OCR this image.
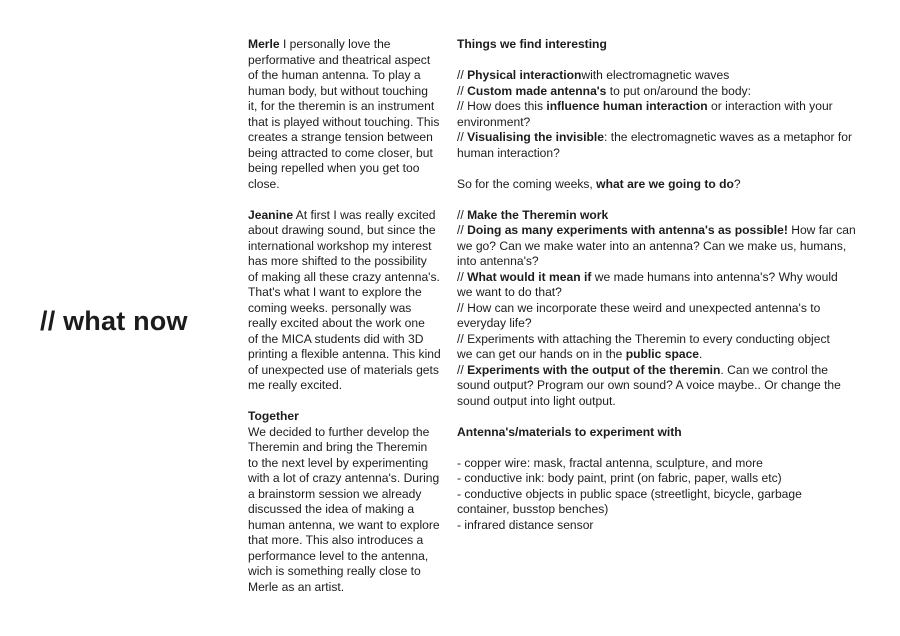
// what now
Merle I personally love the
performative and theatrical aspect
of the human antenna. To play a
human body, but without touching
it, for the theremin is an instrument
that is played without touching. This
creates a strange tension between
being attracted to come closer, but
being repelled when you get too
close.
Jeanine At first I was really excited
about drawing sound, but since the
international workshop my interest
has more shifted to the possibility
of making all these crazy antenna's.
That's what I want to explore the
coming weeks. personally was
really excited about the work one
of the MICA students did with 3D
printing a flexible antenna. This kind
of unexpected use of materials gets
me really excited.
Together
We decided to further develop the
Theremin and bring the Theremin
to the next level by experimenting
with a lot of crazy antenna's. During
a brainstorm session we already
discussed the idea of making a
human antenna, we want to explore
that more. This also introduces a
performance level to the antenna,
wich is something really close to
Merle as an artist.
Things we find interesting
// Physical interactionwith electromagnetic waves
// Custom made antenna's to put on/around the body:
// How does this influence human interaction or interaction with your
environment?
// Visualising the invisible: the electromagnetic waves as a metaphor for
human interaction?
So for the coming weeks, what are we going to do?
// Make the Theremin work
// Doing as many experiments with antenna's as possible! How far can
we go? Can we make water into an antenna? Can we make us, humans,
into antenna's?
// What would it mean if we made humans into antenna's? Why would
we want to do that?
// How can we incorporate these weird and unexpected antenna's to
everyday life?
// Experiments with attaching the Theremin to every conducting object
we can get our hands on in the public space.
// Experiments with the output of the theremin. Can we control the
sound output? Program our own sound? A voice maybe.. Or change the
sound output into light output.
Antenna's/materials to experiment with
- copper wire: mask, fractal antenna, sculpture, and more
- conductive ink: body paint, print (on fabric, paper, walls etc)
- conductive objects in public space (streetlight, bicycle, garbage
container, busstop benches)
- infrared distance sensor
